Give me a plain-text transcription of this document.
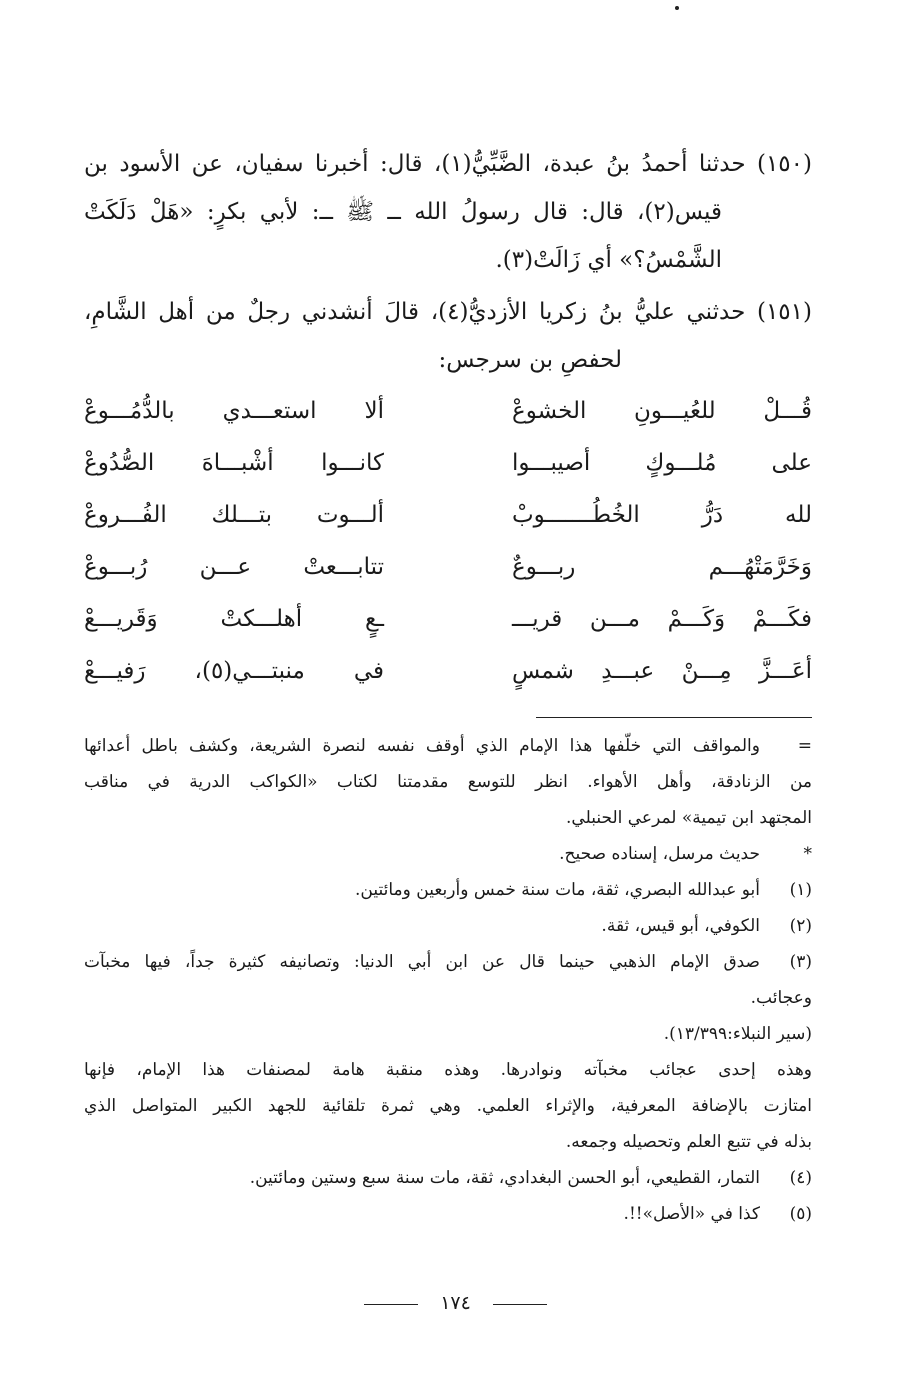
(١٥٠) حدثنا أحمدُ بنُ عبدة، الضَّبِّيُّ(١)، قال: أخبرنا سفيان، عن الأسود بن
قيس(٢)، قال: قال رسولُ الله ــ ﷺ ــ: لأبي بكرٍ: «هَلْ دَلَكَتْ
الشَّمْسُ؟» أي زَالَتْ(٣).
(١٥١) حدثني عليُّ بنُ زكريا الأزديُّ(٤)، قالَ أنشدني رجلٌ من أهل الشَّامِ،
لحفصِ بن سرجس:
قُـــلْ للعُيـــونِ الخشوعْ
ألا استعـــدي بالدُّمُـــوعْ
على مُلـــوكٍ أصيبـــوا
كانـــوا أشْبـــاهَ الصُّدُوعْ
لله دَرُّ الخُطُـــــــوبْ
ألـــوت بتـــلك الفُـــروعْ
وَخَرَّمَتْهُـــم ربـــوعٌ
تتابـــعتْ عـــن رُبـــوعْ
فكَـــمْ وَكَـــمْ مـــن قريـــ
ـعٍ أهلـــكتْ وَقَريـــعْ
أعَـــزَّ مِـــنْ عبـــدِ شمسٍ
في منبتـــي(٥)، رَفيـــعْ
=
والمواقف التي خلّفها هذا الإمام الذي أوقف نفسه لنصرة الشريعة، وكشف باطل أعدائها
من الزنادقة، وأهل الأهواء. انظر للتوسع مقدمتنا لكتاب «الكواكب الدرية في مناقب
المجتهد ابن تيمية» لمرعي الحنبلي.
*
حديث مرسل، إسناده صحيح.
(١)
أبو عبدالله البصري، ثقة، مات سنة خمس وأربعين ومائتين.
(٢)
الكوفي، أبو قيس، ثقة.
(٣)
صدق الإمام الذهبي حينما قال عن ابن أبي الدنيا: وتصانيفه كثيرة جداً، فيها مخبآت
وعجائب.
(سير النبلاء:١٣/٣٩٩).
وهذه إحدى عجائب مخبآته ونوادرها. وهذه منقبة هامة لمصنفات هذا الإمام، فإنها
امتازت بالإضافة المعرفية، والإثراء العلمي. وهي ثمرة تلقائية للجهد الكبير المتواصل الذي
بذله في تتبع العلم وتحصيله وجمعه.
(٤)
التمار، القطيعي، أبو الحسن البغدادي، ثقة، مات سنة سبع وستين ومائتين.
(٥)
كذا في «الأصل»!!.
١٧٤
